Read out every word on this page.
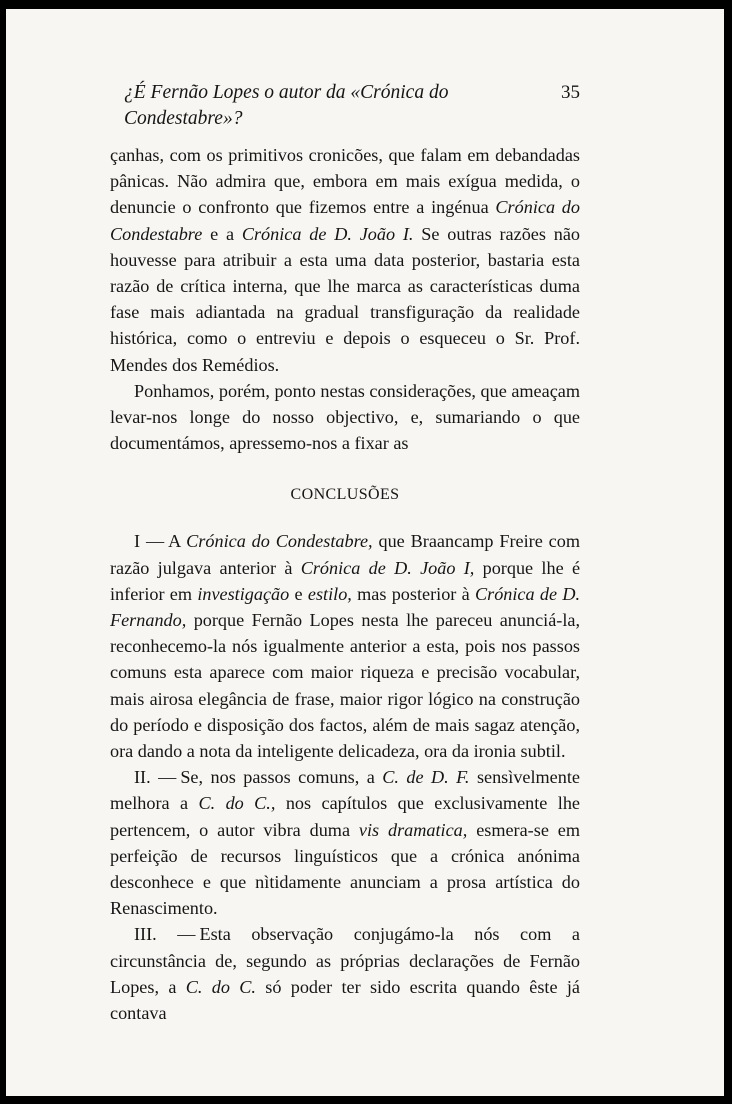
¿É Fernão Lopes o autor da «Crónica do Condestabre»?
35

çanhas, com os primitivos cronicões, que falam em debandadas pânicas. Não admira que, embora em mais exígua medida, o denuncie o confronto que fizemos entre a ingénua Crónica do Condestabre e a Crónica de D. João I. Se outras razões não houvesse para atribuir a esta uma data posterior, bastaria esta razão de crítica interna, que lhe marca as características duma fase mais adiantada na gradual transfiguração da realidade histórica, como o entreviu e depois o esqueceu o Sr. Prof. Mendes dos Remédios.

Ponhamos, porém, ponto nestas considerações, que ameaçam levar-nos longe do nosso objectivo, e, sumariando o que documentámos, apressemo-nos a fixar as

CONCLUSÕES

I — A Crónica do Condestabre, que Braancamp Freire com razão julgava anterior à Crónica de D. João I, porque lhe é inferior em investigação e estilo, mas posterior à Crónica de D. Fernando, porque Fernão Lopes nesta lhe pareceu anunciá-la, reconhecemo-la nós igualmente anterior a esta, pois nos passos comuns esta aparece com maior riqueza e precisão vocabular, mais airosa elegância de frase, maior rigor lógico na construção do período e disposição dos factos, além de mais sagaz atenção, ora dando a nota da inteligente delicadeza, ora da ironia subtil.

II. — Se, nos passos comuns, a C. de D. F. sensìvelmente melhora a C. do C., nos capítulos que exclusivamente lhe pertencem, o autor vibra duma vis dramatica, esmera-se em perfeição de recursos linguísticos que a crónica anónima desconhece e que nìtidamente anunciam a prosa artística do Renascimento.

III. — Esta observação conjugámo-la nós com a circunstância de, segundo as próprias declarações de Fernão Lopes, a C. do C. só poder ter sido escrita quando êste já contava
